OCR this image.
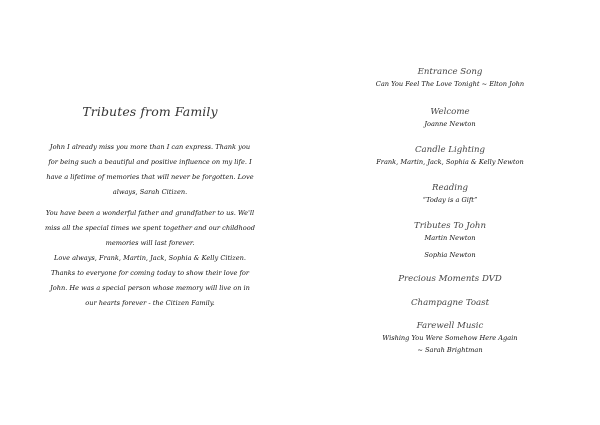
Tributes from Family
John I already miss you more than I can express. Thank you
for being such a beautiful and positive influence on my life. I
have a lifetime of memories that will never be forgotten. Love
always, Sarah Citizen.
You have been a wonderful father and grandfather to us. We'll
miss all the special times we spent together and our childhood
memories will last forever.
Love always, Frank, Martin, Jack, Sophia & Kelly Citizen.
Thanks to everyone for coming today to show their love for
John. He was a special person whose memory will live on in
our hearts forever - the Citizen Family.
Entrance Song
Can You Feel The Love Tonight ~ Elton John
Welcome
Joanne Newton
Candle Lighting
Frank, Martin, Jack, Sophia & Kelly Newton
Reading
“Today is a Gift”
Tributes To John
Martin Newton
Sophia Newton
Precious Moments DVD
Champagne Toast
Farewell Music
Wishing You Were Somehow Here Again
~ Sarah Brightman
